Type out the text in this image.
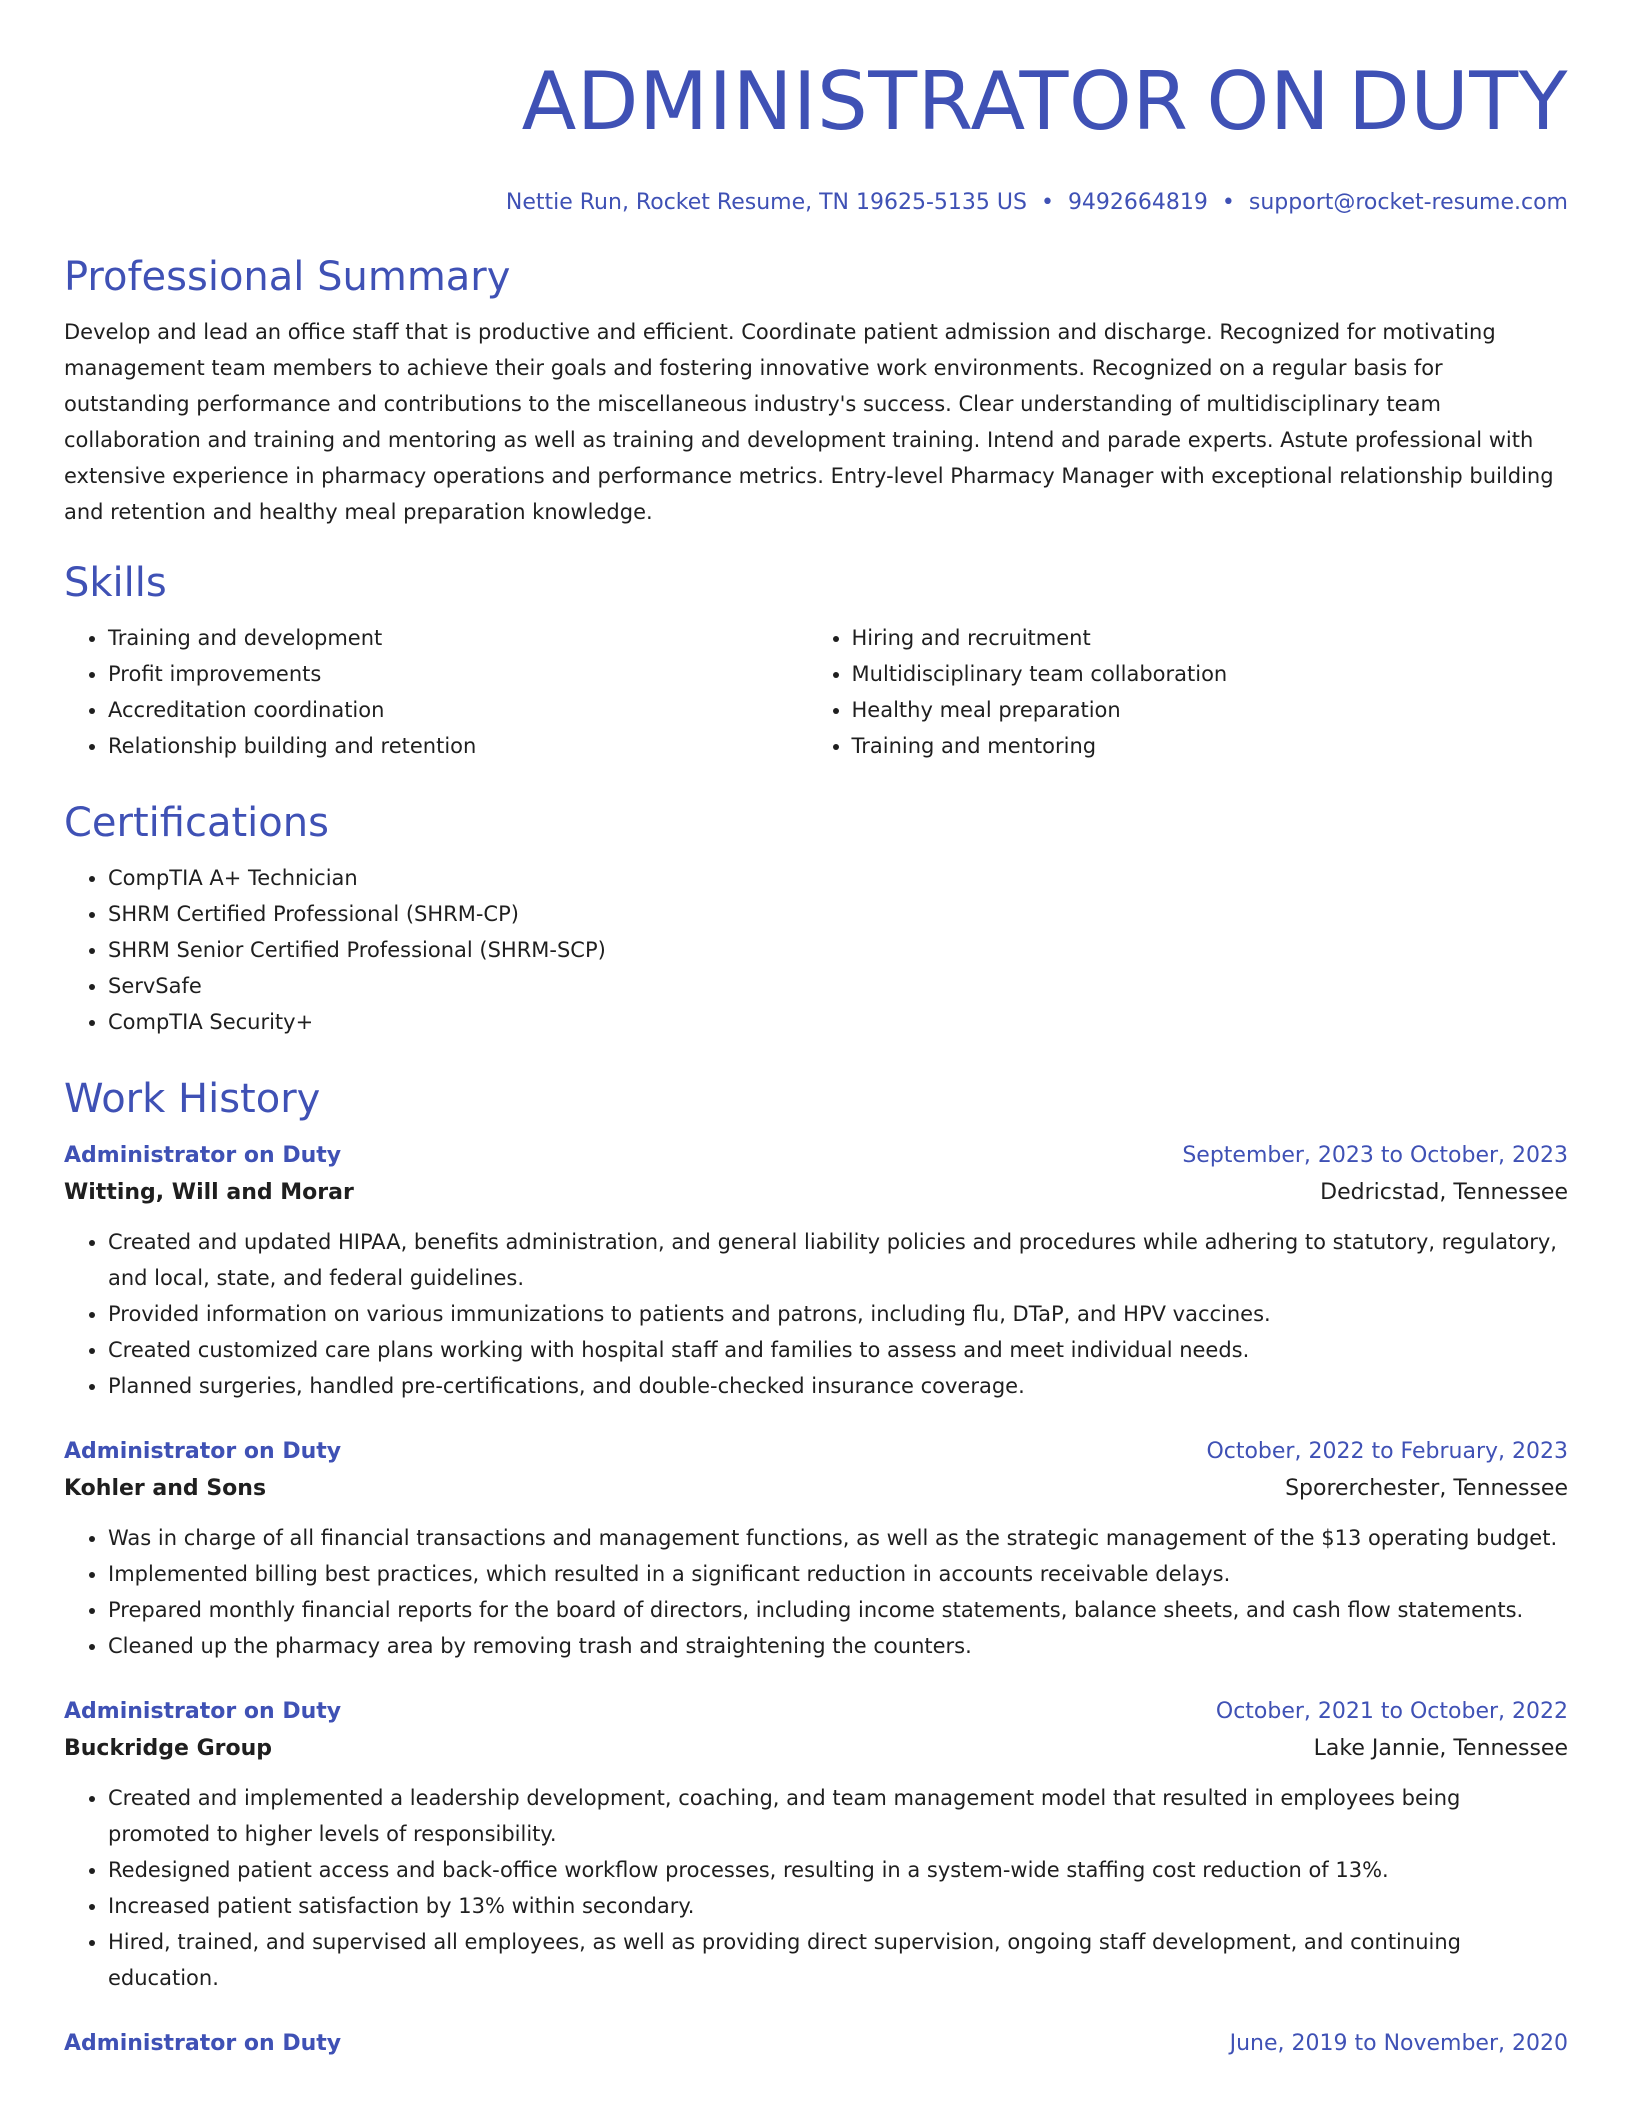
ADMINISTRATOR ON DUTY
Nettie Run, Rocket Resume, TN 19625-5135 US • 9492664819 • support@rocket-resume.com
Professional Summary
Develop and lead an office staff that is productive and efficient. Coordinate patient admission and discharge. Recognized for motivating management team members to achieve their goals and fostering innovative work environments. Recognized on a regular basis for outstanding performance and contributions to the miscellaneous industry's success. Clear understanding of multidisciplinary team collaboration and training and mentoring as well as training and development training. Intend and parade experts. Astute professional with extensive experience in pharmacy operations and performance metrics. Entry-level Pharmacy Manager with exceptional relationship building and retention and healthy meal preparation knowledge.
Skills
• Training and development
• Profit improvements
• Accreditation coordination
• Relationship building and retention
• Hiring and recruitment
• Multidisciplinary team collaboration
• Healthy meal preparation
• Training and mentoring
Certifications
• CompTIA A+ Technician
• SHRM Certified Professional (SHRM-CP)
• SHRM Senior Certified Professional (SHRM-SCP)
• ServSafe
• CompTIA Security+
Work History
Administrator on Duty	September, 2023 to October, 2023
Witting, Will and Morar	Dedricstad, Tennessee
• Created and updated HIPAA, benefits administration, and general liability policies and procedures while adhering to statutory, regulatory, and local, state, and federal guidelines.
• Provided information on various immunizations to patients and patrons, including flu, DTaP, and HPV vaccines.
• Created customized care plans working with hospital staff and families to assess and meet individual needs.
• Planned surgeries, handled pre-certifications, and double-checked insurance coverage.
Administrator on Duty	October, 2022 to February, 2023
Kohler and Sons	Sporerchester, Tennessee
• Was in charge of all financial transactions and management functions, as well as the strategic management of the $13 operating budget.
• Implemented billing best practices, which resulted in a significant reduction in accounts receivable delays.
• Prepared monthly financial reports for the board of directors, including income statements, balance sheets, and cash flow statements.
• Cleaned up the pharmacy area by removing trash and straightening the counters.
Administrator on Duty	October, 2021 to October, 2022
Buckridge Group	Lake Jannie, Tennessee
• Created and implemented a leadership development, coaching, and team management model that resulted in employees being promoted to higher levels of responsibility.
• Redesigned patient access and back-office workflow processes, resulting in a system-wide staffing cost reduction of 13%.
• Increased patient satisfaction by 13% within secondary.
• Hired, trained, and supervised all employees, as well as providing direct supervision, ongoing staff development, and continuing education.
Administrator on Duty	June, 2019 to November, 2020
